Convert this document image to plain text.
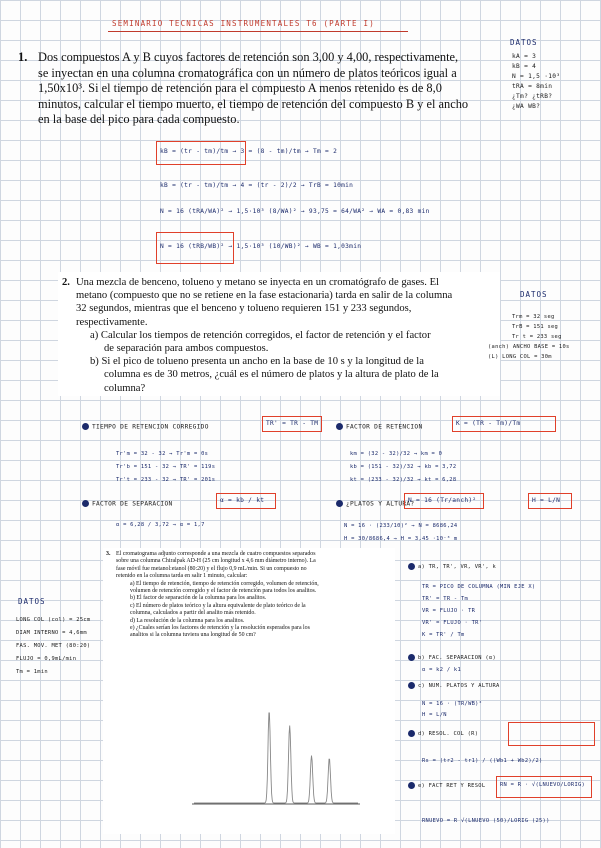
SEMINARIO TECNICAS INSTRUMENTALES T6 (PARTE I)
1. Dos compuestos A y B cuyos factores de retención son 3,00 y 4,00, respectivamente,
se inyectan en una columna cromatográfica con un número de platos teóricos igual a
1,50x10³. Si el tiempo de retención para el compuesto A menos retenido es de 8,0
minutos, calcular el tiempo muerto, el tiempo de retención del compuesto B y el ancho
en la base del pico para cada compuesto.
DATOS
kA = 3
kB = 4
N = 1,5 ·10³
tRA = 8min
¿Tm? ¿tRB?
¿WA WB?
kB = (tr - tm)/tm → 3 = (8 - tm)/tm → Tm = 2
kB = (tr - tm)/tm → 4 = (tr - 2)/2 → TrB = 10min
N = 16 (tRA/WA)² → 1,5·10³ (8/WA)² → 93,75 = 64/WA² → WA = 0,83 min
N = 16 (tRB/WB)² → 1,5·10³ (10/WB)² → WB = 1,03min
2. Una mezcla de benceno, tolueno y metano se inyecta en un cromatógrafo de gases. El
metano (compuesto que no se retiene en la fase estacionaria) tarda en salir de la columna
32 segundos, mientras que el benceno y tolueno requieren 151 y 233 segundos,
respectivamente.
a) Calcular los tiempos de retención corregidos, el factor de retención y el factor
de separación para ambos compuestos.
b) Si el pico de tolueno presenta un ancho en la base de 10 s y la longitud de la
columna es de 30 metros, ¿cuál es el número de platos y la altura de plato de la
columna?
DATOS
Trm = 32 seg
TrB = 151 seg
Tr t = 233 seg
(anch) ANCHO BASE = 10s
(L) LONG COL = 30m
TIEMPO DE RETENCION CORREGIDO	TR' = TR - TM
Tr'm = 32 - 32 → Tr'm = 0s
Tr'b = 151 - 32 → TR' = 119s
Tr't = 233 - 32 → TR' = 201s
FACTOR DE RETENCION	K = (TR - Tm)/Tm
km = (32 - 32)/32 → km = 0
kb = (151 - 32)/32 → kb = 3,72
kt = (233 - 32)/32 → kt = 6,28
FACTOR DE SEPARACION	α = kb / kt
α = 6,28 / 3,72 → α = 1,7
¿PLATOS Y ALTURA?
N = 16 (Tr/anch)²	H = L/N
N = 16 · (233/10)² → N = 8686,24
H = 30/8686,4 → H = 3,45 ·10⁻³ m
3. El cromatograma adjunto corresponde a una mezcla de cuatro compuestos separados
sobre una columna Chiralpak AD-H (25 cm longitud x 4,6 mm diámetro interno). La
fase móvil fue metanol:etanol (80:20) y el flujo 0,9 mL/min. Si un compuesto no
retenido en la columna tarda en salir 1 minuto, calcular:
a) El tiempo de retención, tiempo de retención corregido, volumen de retención,
volumen de retención corregido y el factor de retención para todos los analitos.
b) El factor de separación de la columna para los analitos.
c) El número de platos teórico y la altura equivalente de plato teórico de la
columna, calculados a partir del analito más retenido.
d) La resolución de la columna para los analitos.
e) ¿Cuales serían los factores de retención y la resolución esperados para los
analitos si la columna tuviera una longitud de 50 cm?
DATOS
LONG COL (col) = 25cm
DIAM INTERNO = 4,6mm
FAS. MOV. MET (80:20)
FLUJO = 0,9mL/min
Tm = 1min
a) TR, TR', VR, VR', k
TR = PICO DE COLUMNA (MIN EJE X)
TR' = TR - Tm
VR = FLUJO · TR
VR' = FLUJO · TR'
K = TR' / Tm
b) FAC. SEPARACION (α)
α = k2 / k1
c) NUM. PLATOS Y ALTURA
N = 16 · (TR/WB)²
H = L/N
d) RESOL. COL (R)
Rs = (tr2 - tr1) / ((Wb1 + Wb2)/2)
e) FACT RET Y RESOL	RN = R · √(LNUEVO/LORIG)
RNUEVO = R √(LNUEVO (50)/LORIG (25))
